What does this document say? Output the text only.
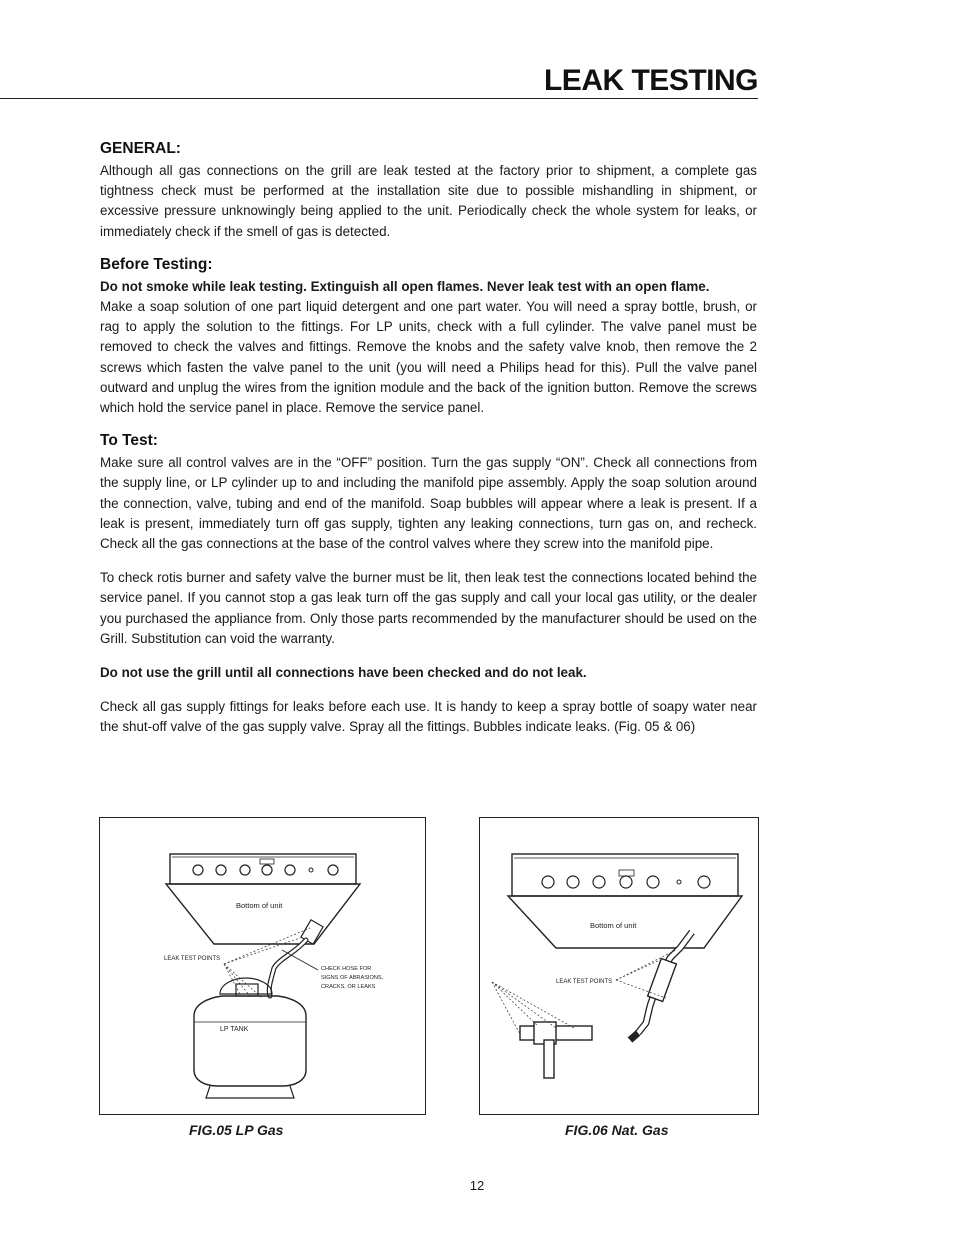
LEAK TESTING
GENERAL:

Although all gas connections on the grill are leak tested at the factory prior to shipment, a complete gas tightness check must be performed at the installation site due to possible mishandling in shipment, or excessive pressure unknowingly being applied to the unit. Periodically check the whole system for leaks, or immediately check if the smell of gas is detected.

Before Testing:

Do not smoke while leak testing. Extinguish all open flames. Never leak test with an open flame.

Make a soap solution of one part liquid detergent and one part water. You will need a spray bottle, brush, or rag to apply the solution to the fittings. For LP units, check with a full cylinder. The valve panel must be removed to check the valves and fittings. Remove the knobs and the safety valve knob, then remove the 2 screws which fasten the valve panel to the unit (you will need a Philips head for this). Pull the valve panel outward and unplug the wires from the ignition module and the back of the ignition button. Remove the screws which hold the service panel in place. Remove the service panel.

To Test:

Make sure all control valves are in the “OFF” position. Turn the gas supply “ON”. Check all connections from the supply line, or LP cylinder up to and including the manifold pipe assembly. Apply the soap solution around the connection, valve, tubing and end of the manifold. Soap bubbles will appear where a leak is present. If a leak is present, immediately turn off gas supply, tighten any leaking connections, turn gas on, and recheck. Check all the gas connections at the base of the control valves where they screw into the manifold pipe.

To check rotis burner and safety valve the burner must be lit, then leak test the connections located behind the service panel. If you cannot stop a gas leak turn off the gas supply and call your local gas utility, or the dealer you purchased the appliance from. Only those parts recommended by the manufacturer should be used on the Grill. Substitution can void the warranty.

Do not use the grill until all connections have been checked and do not leak.

Check all gas supply fittings for leaks before each use. It is handy to keep a spray bottle of soapy water near the shut-off valve of the gas supply valve. Spray all the fittings. Bubbles indicate leaks. (Fig. 05 & 06)

Bottom of unit
LEAK TEST POINTS
CHECK HOSE FOR
SIGNS OF ABRASIONS,
CRACKS, OR LEAKS
LP TANK
FIG.05 LP Gas
Bottom of unit
LEAK TEST POINTS
FIG.06 Nat. Gas
12
